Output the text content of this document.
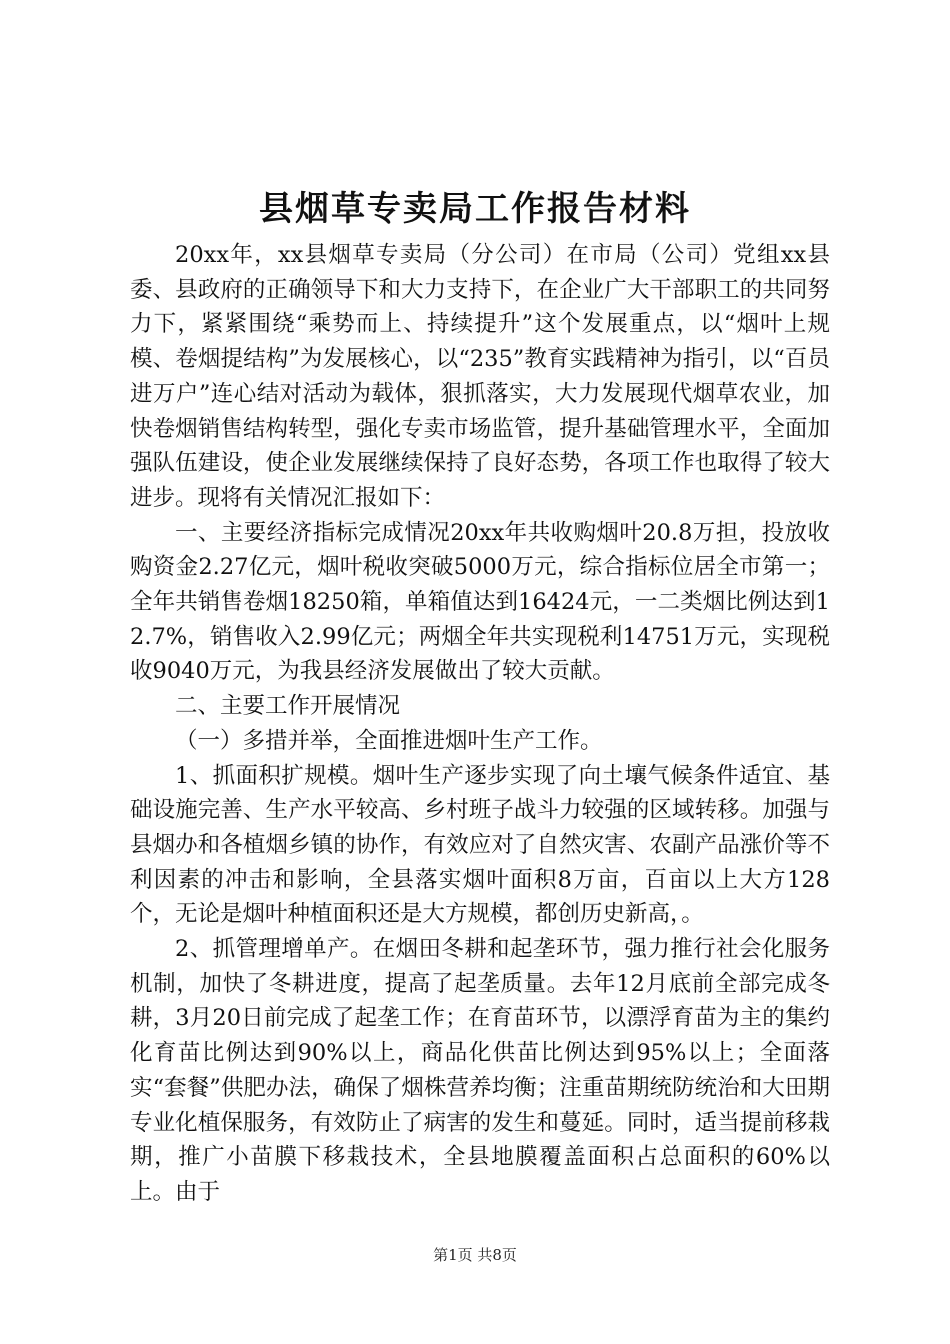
县烟草专卖局工作报告材料

20xx年，xx县烟草专卖局（分公司）在市局（公司）党组xx县委、县政府的正确领导下和大力支持下，在企业广大干部职工的共同努力下，紧紧围绕“乘势而上、持续提升”这个发展重点，以“烟叶上规模、卷烟提结构”为发展核心，以“235”教育实践精神为指引，以“百员进万户”连心结对活动为载体，狠抓落实，大力发展现代烟草农业，加快卷烟销售结构转型，强化专卖市场监管，提升基础管理水平，全面加强队伍建设，使企业发展继续保持了良好态势，各项工作也取得了较大进步。现将有关情况汇报如下：

一、主要经济指标完成情况20xx年共收购烟叶20.8万担，投放收购资金2.27亿元，烟叶税收突破5000万元，综合指标位居全市第一；全年共销售卷烟18250箱，单箱值达到16424元，一二类烟比例达到12.7%，销售收入2.99亿元；两烟全年共实现税利14751万元，实现税收9040万元，为我县经济发展做出了较大贡献。

二、主要工作开展情况

（一）多措并举，全面推进烟叶生产工作。

1、抓面积扩规模。烟叶生产逐步实现了向土壤气候条件适宜、基础设施完善、生产水平较高、乡村班子战斗力较强的区域转移。加强与县烟办和各植烟乡镇的协作，有效应对了自然灾害、农副产品涨价等不利因素的冲击和影响，全县落实烟叶面积8万亩，百亩以上大方128个，无论是烟叶种植面积还是大方规模，都创历史新高，。

2、抓管理增单产。在烟田冬耕和起垄环节，强力推行社会化服务机制，加快了冬耕进度，提高了起垄质量。去年12月底前全部完成冬耕，3月20日前完成了起垄工作；在育苗环节，以漂浮育苗为主的集约化育苗比例达到90%以上，商品化供苗比例达到95%以上；全面落实“套餐”供肥办法，确保了烟株营养均衡；注重苗期统防统治和大田期专业化植保服务，有效防止了病害的发生和蔓延。同时，适当提前移栽期，推广小苗膜下移栽技术，全县地膜覆盖面积占总面积的60%以上。由于

第1页 共8页
